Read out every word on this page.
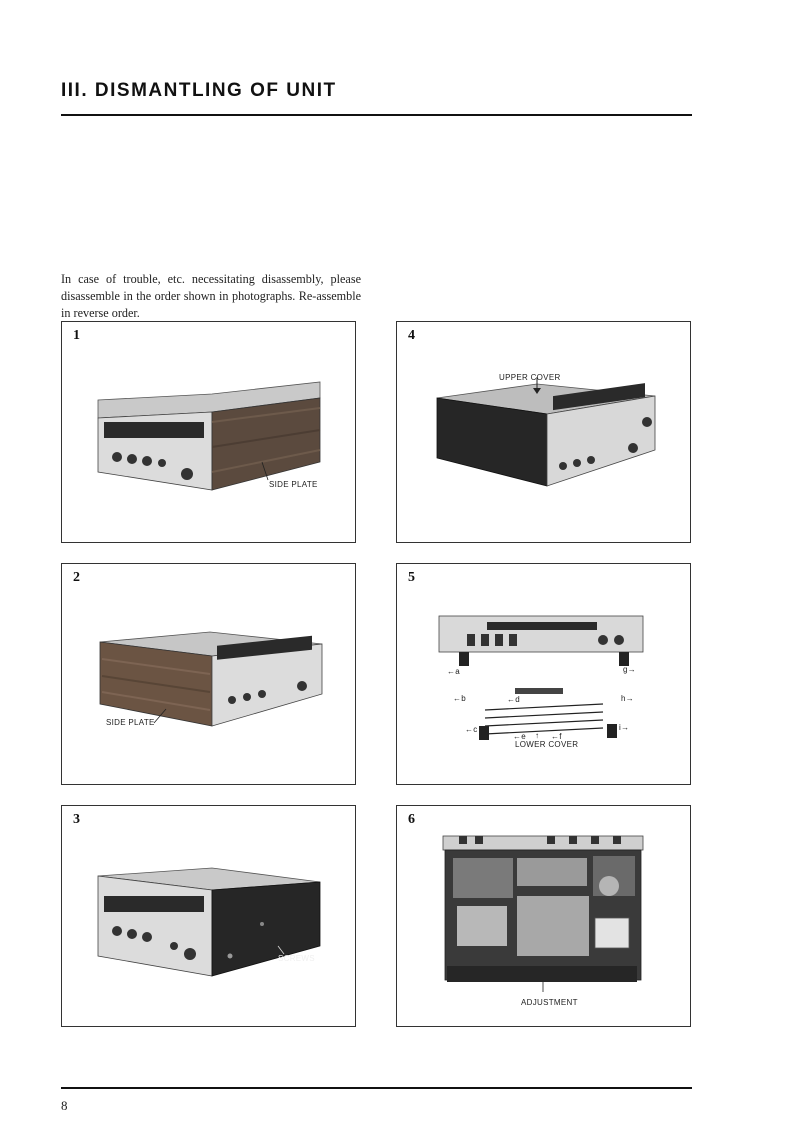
III. DISMANTLING OF UNIT

In case of trouble, etc. necessitating disassembly, please disassemble in the order shown in photographs. Re-assemble in reverse order.

1
SIDE PLATE
2
SIDE PLATE
3
SCREWS
4
UPPER COVER
5
←a	g→
←b	←d	h→
←c	i→
←e ↑ ←f
LOWER COVER
6
ADJUSTMENT
8
